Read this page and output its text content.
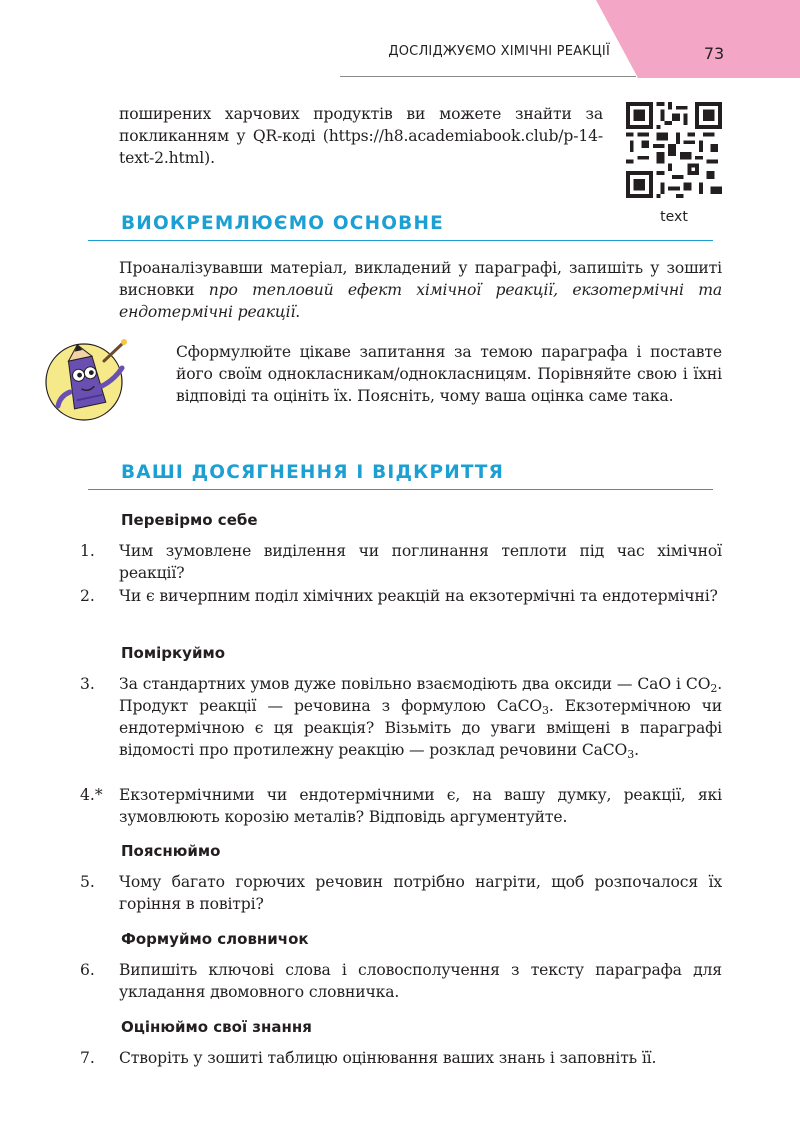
ДОСЛІДЖУЄМО ХІМІЧНІ РЕАКЦІЇ	73

поширених харчових продуктів ви можете знайти за покликанням у QR-коді (https://h8.academiabook.club/p-14-text-2.html).

text
ВИОКРЕМЛЮЄМО ОСНОВНЕ

Проаналізувавши матеріал, викладений у параграфі, запишіть у зошиті висновки про тепловий ефект хімічної реакції, екзотермічні та ендотермічні реакції.

Сформулюйте цікаве запитання за темою параграфа і поставте його своїм однокласникам/однокласницям. Порівняйте свою і їхні відповіді та оцініть їх. Поясніть, чому ваша оцінка саме така.

ВАШІ ДОСЯГНЕННЯ І ВІДКРИТТЯ
Перевірмо себе
1.	Чим зумовлене виділення чи поглинання теплоти під час хімічної реакції?

2.	Чи є вичерпним поділ хімічних реакцій на екзотермічні та ендотермічні?

Поміркуймо
3.	За стандартних умов дуже повільно взаємодіють два оксиди — CaO і $CO_2$. Продукт реакції — речовина з формулою CaCO$_3$. Екзотермічною чи ендотермічною є ця реакція? Візьміть до уваги вміщені в параграфі відомості про протилежну реакцію — розклад речовини CaCO$_3$.

4.*	Екзотермічними чи ендотермічними є, на вашу думку, реакції, які зумовлюють корозію металів? Відповідь аргументуйте.

Пояснюймо
5.	Чому багато горючих речовин потрібно нагріти, щоб розпочалося їх горіння в повітрі?

Формуймо словничок
6.	Випишіть ключові слова і словосполучення з тексту параграфа для укладання двомовного словничка.

Оцінюймо свої знання
7.	Створіть у зошиті таблицю оцінювання ваших знань і заповніть її.
